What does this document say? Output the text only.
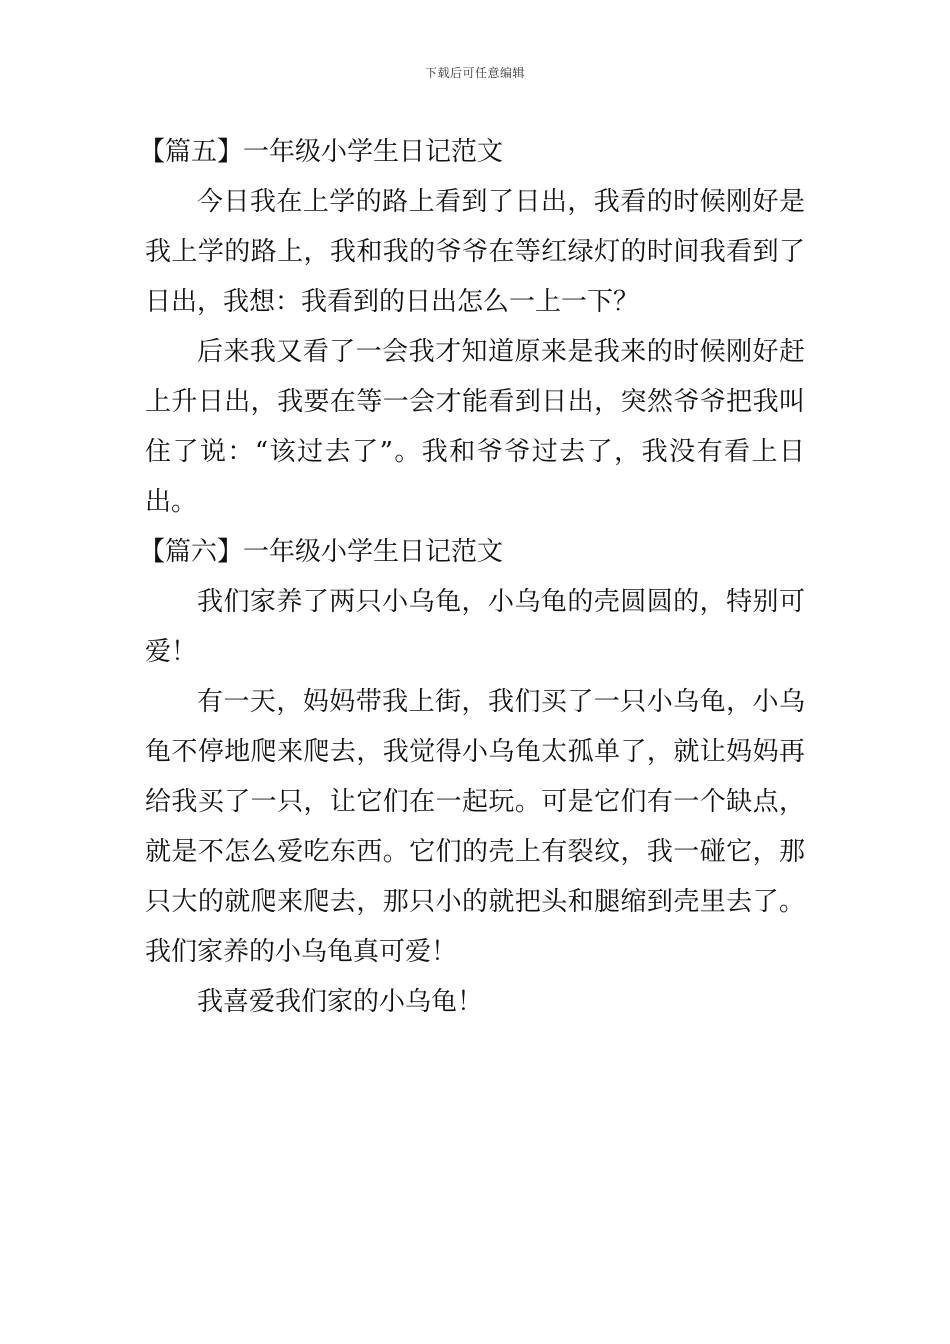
下载后可任意编辑

【篇五】一年级小学生日记范文

今日我在上学的路上看到了日出，我看的时候刚好是我上学的路上，我和我的爷爷在等红绿灯的时间我看到了日出，我想：我看到的日出怎么一上一下？

后来我又看了一会我才知道原来是我来的时候刚好赶上升日出，我要在等一会才能看到日出，突然爷爷把我叫住了说：“该过去了”。我和爷爷过去了，我没有看上日出。

【篇六】一年级小学生日记范文

我们家养了两只小乌龟，小乌龟的壳圆圆的，特别可爱！

有一天，妈妈带我上街，我们买了一只小乌龟，小乌龟不停地爬来爬去，我觉得小乌龟太孤单了，就让妈妈再给我买了一只，让它们在一起玩。可是它们有一个缺点，就是不怎么爱吃东西。它们的壳上有裂纹，我一碰它，那只大的就爬来爬去，那只小的就把头和腿缩到壳里去了。我们家养的小乌龟真可爱！

我喜爱我们家的小乌龟！
